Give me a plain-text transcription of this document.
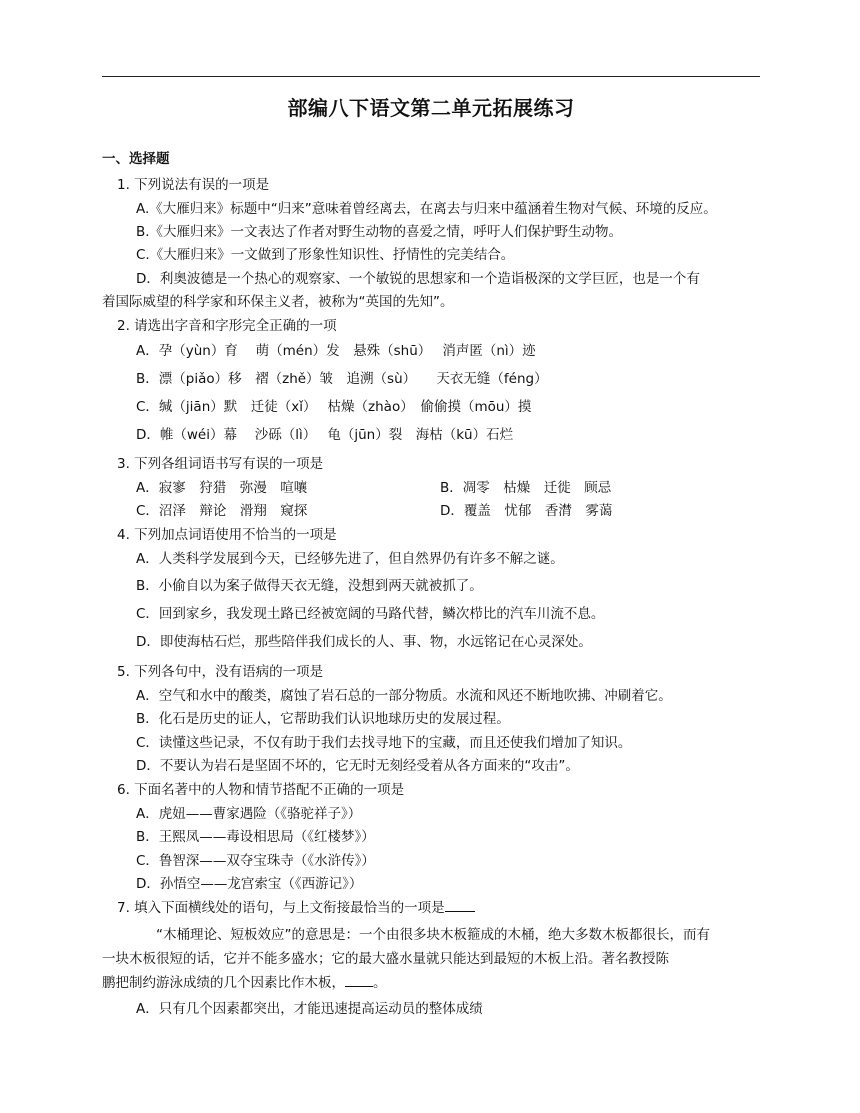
部编八下语文第二单元拓展练习
一、选择题
1. 下列说法有误的一项是
A.《大雁归来》标题中“归来”意味着曾经离去，在离去与归来中蕴涵着生物对气候、环境的反应。
B.《大雁归来》一文表达了作者对野生动物的喜爱之情，呼吁人们保护野生动物。
C.《大雁归来》一文做到了形象性知识性、抒情性的完美结合。
D．利奥波德是一个热心的观察家、一个敏锐的思想家和一个造诣极深的文学巨匠，也是一个有
着国际威望的科学家和环保主义者，被称为“英国的先知”。
2. 请选出字音和字形完全正确的一项
A．孕（yùn）育　 萌（mén）发　悬殊（shū）　 消声匿（nì）迹
B．漂（piǎo）移　褶（zhě）皱　追溯（sù）　　天衣无缝（féng）
C．缄（jiān）默　迁徒（xǐ）　 枯燥（zhào）　偷偷摸（mōu）摸
D．帷（wéi）幕　 沙砾（lì）　 龟（jūn）裂　海枯（kū）石烂
3. 下列各组词语书写有误的一项是
A．寂寥　狩猎　弥漫　喧嚷	B．凋零　枯燥　迁徙　顾忌
C．沼泽　辩论　滑翔　窥探	D．覆盖　忧郁　香潸　雾蔼
4. 下列加点词语使用不恰当的一项是
A．人类科学发展到今天，已经够先进了，但自然界仍有许多不解之谜。
B．小偷自以为案子做得天衣无缝，没想到两天就被抓了。
C．回到家乡，我发现土路已经被宽阔的马路代替，鳞次栉比的汽车川流不息。
D．即使海枯石烂，那些陪伴我们成长的人、事、物，水远铭记在心灵深处。
5. 下列各句中，没有语病的一项是
A．空气和水中的酸类，腐蚀了岩石总的一部分物质。水流和风还不断地吹拂、冲刷着它。
B．化石是历史的证人，它帮助我们认识地球历史的发展过程。
C．读懂这些记录，不仅有助于我们去找寻地下的宝藏，而且还使我们增加了知识。
D．不要认为岩石是坚固不坏的，它无时无刻经受着从各方面来的“攻击”。
6. 下面名著中的人物和情节搭配不正确的一项是
A．虎妞——曹家遇险（《骆驼祥子》）
B．王熙凤——毒设相思局（《红楼梦》）
C．鲁智深——双夺宝珠寺（《水浒传》）
D．孙悟空——龙宫索宝（《西游记》）
7. 填入下面横线处的语句，与上文衔接最恰当的一项是
“木桶理论、短板效应”的意思是：一个由很多块木板箍成的木桶，绝大多数木板都很长，而有
一块木板很短的话，它并不能多盛水；它的最大盛水量就只能达到最短的木板上沿。著名教授陈
鹏把制约游泳成绩的几个因素比作木板， 。
A．只有几个因素都突出，才能迅速提高运动员的整体成绩
